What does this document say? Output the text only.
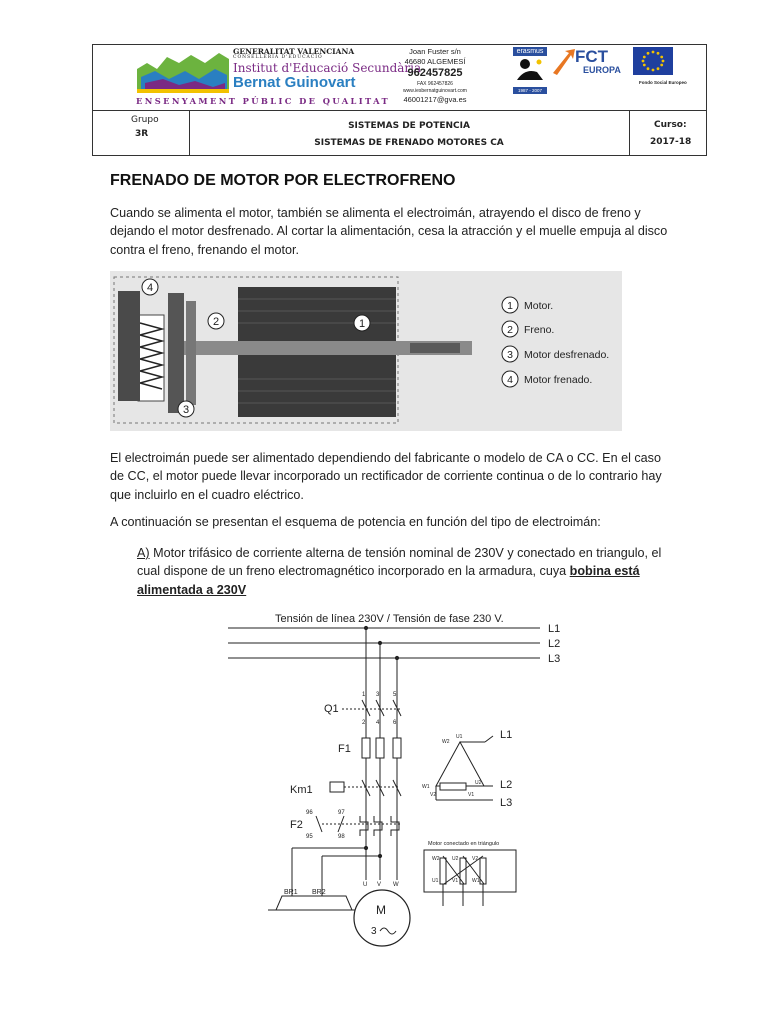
GENERALITAT VALENCIANA
CONSELLERIA D'EDUCACIÓ
Institut d'Educació Secundària
Bernat Guinovart
ENSENYAMENT PÚBLIC DE QUALITAT
Joan Fuster s/n
46680 ALGEMESÍ
962457825
FAX 962457826
www.iesbernatguinovart.com
46001217@gva.es
erasmus
1987 - 2007
FCT
EUROPA
Fondo Social Europeo
Grupo
3R
SISTEMAS DE POTENCIA
SISTEMAS DE FRENADO MOTORES CA
Curso:
2017-18
FRENADO DE MOTOR POR ELECTROFRENO
Cuando se alimenta el motor, también se alimenta el electroimán, atrayendo el disco de freno y dejando el motor desfrenado. Al cortar la alimentación, cesa la atracción y el muelle empuja al disco contra el freno, frenando el motor.
4
2	1
3
1 Motor.
2 Freno.
3 Motor desfrenado.
4 Motor frenado.
El electroimán puede ser alimentado dependiendo del fabricante o modelo de CA o CC. En el caso de CC, el motor puede llevar incorporado un rectificador de corriente continua o de lo contrario hay que incluirlo en el cuadro eléctrico.
A continuación se presentan el esquema de potencia en función del tipo de electroimán:
A) Motor trifásico de corriente alterna de tensión nominal de 230V y conectado en triangulo, el cual dispone de un freno electromagnético incorporado en la armadura, cuya bobina está alimentada a 230V
Tensión de línea 230V / Tensión de fase 230 V.
L1
L2
L3
1 3 5
Q1
2 4 6
F1
Km1
F2
96	97
95	98
BR1 BR2
U V W
M
3
L1
L2
L3
U1
W2
U2
W1
V2	V1
Motor conectado en triángulo
W2	U2	V2
U1	V1	W1
